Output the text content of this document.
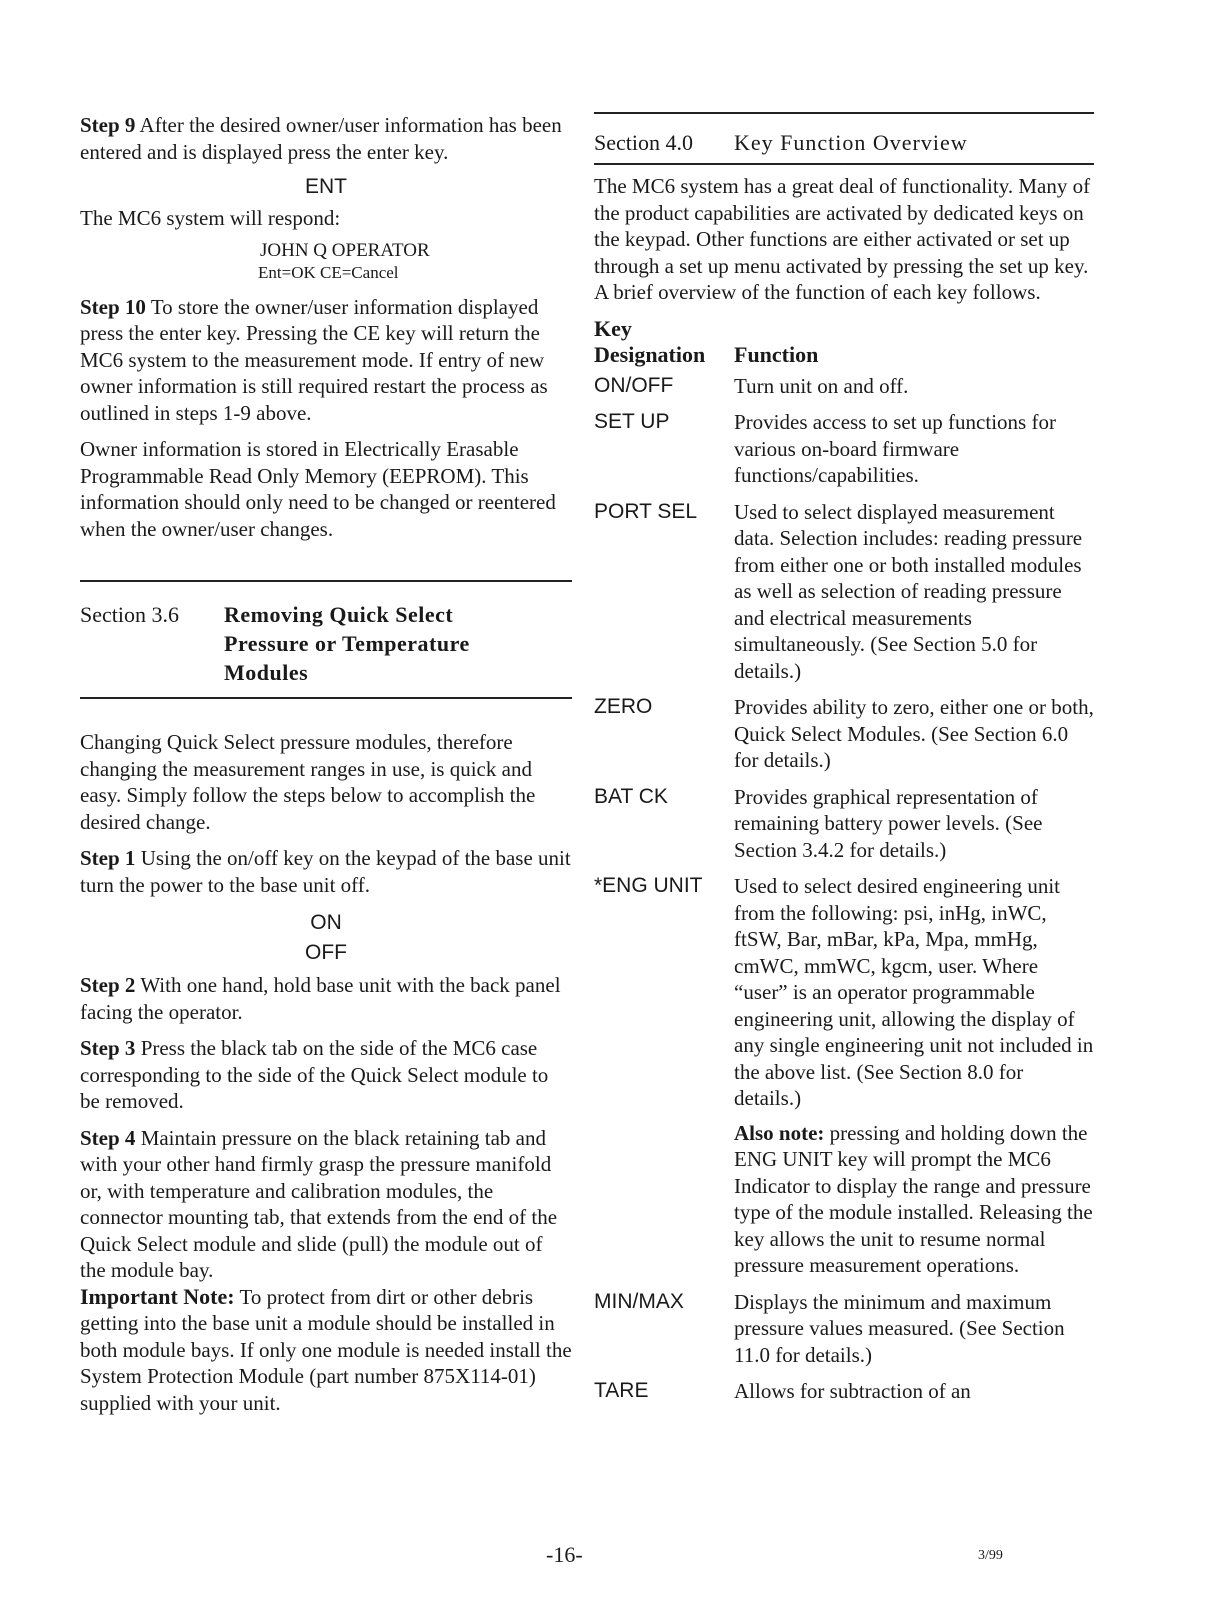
Step 9 After the desired owner/user information has been entered and is displayed press the enter key.

ENT

The MC6 system will respond:

JOHN Q OPERATOR
Ent=OK CE=Cancel

Step 10 To store the owner/user information displayed press the enter key. Pressing the CE key will return the MC6 system to the measurement mode. If entry of new owner information is still required restart the process as outlined in steps 1-9 above.

Owner information is stored in Electrically Erasable Programmable Read Only Memory (EEPROM). This information should only need to be changed or reentered when the owner/user changes.

Section 3.6	Removing Quick Select
Pressure or Temperature
Modules

Changing Quick Select pressure modules, therefore changing the measurement ranges in use, is quick and easy. Simply follow the steps below to accomplish the desired change.

Step 1 Using the on/off key on the keypad of the base unit turn the power to the base unit off.

ON
OFF

Step 2 With one hand, hold base unit with the back panel facing the operator.

Step 3 Press the black tab on the side of the MC6 case corresponding to the side of the Quick Select module to be removed.

Step 4 Maintain pressure on the black retaining tab and with your other hand firmly grasp the pressure manifold or, with temperature and calibration modules, the connector mounting tab, that extends from the end of the Quick Select module and slide (pull) the module out of the module bay.

Important Note: To protect from dirt or other debris getting into the base unit a module should be installed in both module bays. If only one module is needed install the System Protection Module (part number 875X114-01) supplied with your unit.

Section 4.0	Key Function Overview

The MC6 system has a great deal of functionality. Many of the product capabilities are activated by dedicated keys on the keypad. Other functions are either activated or set up through a set up menu activated by pressing the set up key. A brief overview of the function of each key follows.

Key
Designation	Function
ON/OFF	Turn unit on and off.
SET UP	Provides access to set up functions for various on-board firmware functions/capabilities.
PORT SEL	Used to select displayed measurement data. Selection includes: reading pressure from either one or both installed modules as well as selection of reading pressure and electrical measurements simultaneously. (See Section 5.0 for details.)
ZERO	Provides ability to zero, either one or both, Quick Select Modules. (See Section 6.0 for details.)
BAT CK	Provides graphical representation of remaining battery power levels. (See Section 3.4.2 for details.)
*ENG UNIT	Used to select desired engineering unit from the following: psi, inHg, inWC, ftSW, Bar, mBar, kPa, Mpa, mmHg, cmWC, mmWC, kgcm, user. Where “user” is an operator programmable engineering unit, allowing the display of any single engineering unit not included in the above list. (See Section 8.0 for details.)
Also note: pressing and holding down the ENG UNIT key will prompt the MC6 Indicator to display the range and pressure type of the module installed. Releasing the key allows the unit to resume normal pressure measurement operations.
MIN/MAX	Displays the minimum and maximum pressure values measured. (See Section 11.0 for details.)
TARE	Allows for subtraction of an
-16-	3/99
